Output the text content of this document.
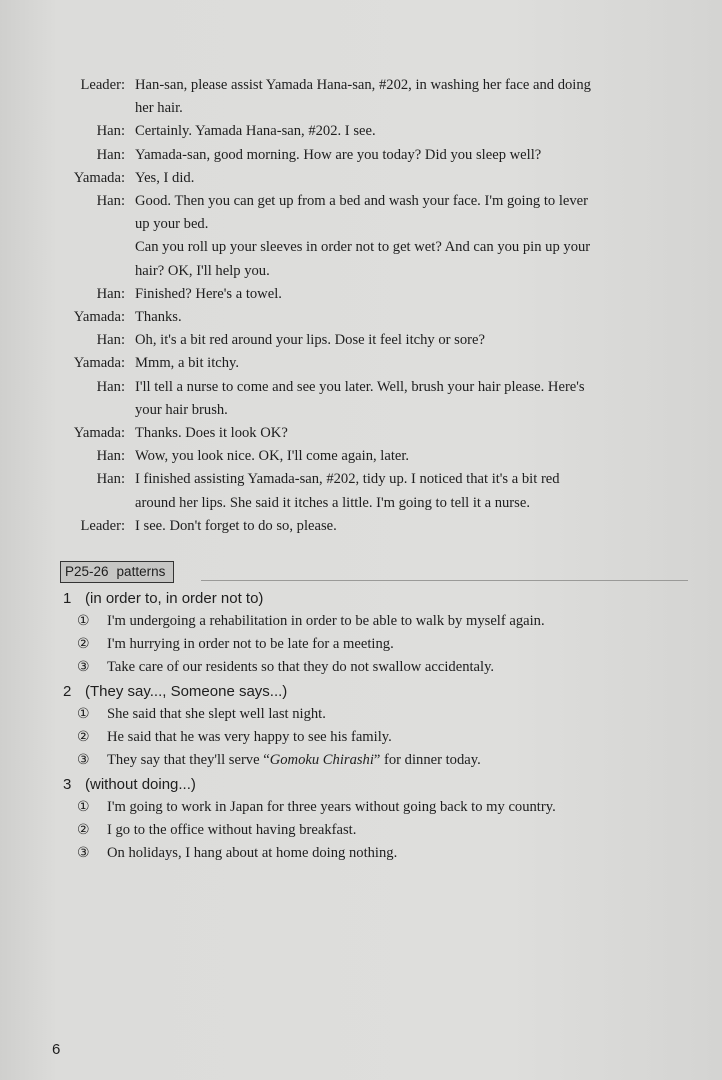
Leader: Han-san, please assist Yamada Hana-san, #202, in washing her face and doing
her hair.
Han: Certainly. Yamada Hana-san, #202. I see.
Han: Yamada-san, good morning. How are you today? Did you sleep well?
Yamada: Yes, I did.
Han: Good. Then you can get up from a bed and wash your face. I'm going to lever
up your bed.
Can you roll up your sleeves in order not to get wet? And can you pin up your
hair? OK, I'll help you.
Han: Finished? Here's a towel.
Yamada: Thanks.
Han: Oh, it's a bit red around your lips. Dose it feel itchy or sore?
Yamada: Mmm, a bit itchy.
Han: I'll tell a nurse to come and see you later. Well, brush your hair please. Here's
your hair brush.
Yamada: Thanks. Does it look OK?
Han: Wow, you look nice. OK, I'll come again, later.
Han: I finished assisting Yamada-san, #202, tidy up. I noticed that it's a bit red
around her lips. She said it itches a little. I'm going to tell it a nurse.
Leader: I see. Don't forget to do so, please.
P25-26 patterns
1 (in order to, in order not to)
①	I'm undergoing a rehabilitation in order to be able to walk by myself again.
②	I'm hurrying in order not to be late for a meeting.
③	Take care of our residents so that they do not swallow accidentaly.
2 (They say..., Someone says...)
①	She said that she slept well last night.
②	He said that he was very happy to see his family.
③	They say that they'll serve “Gomoku Chirashi” for dinner today.
3 (without doing...)
①	I'm going to work in Japan for three years without going back to my country.
②	I go to the office without having breakfast.
③	On holidays, I hang about at home doing nothing.
6
